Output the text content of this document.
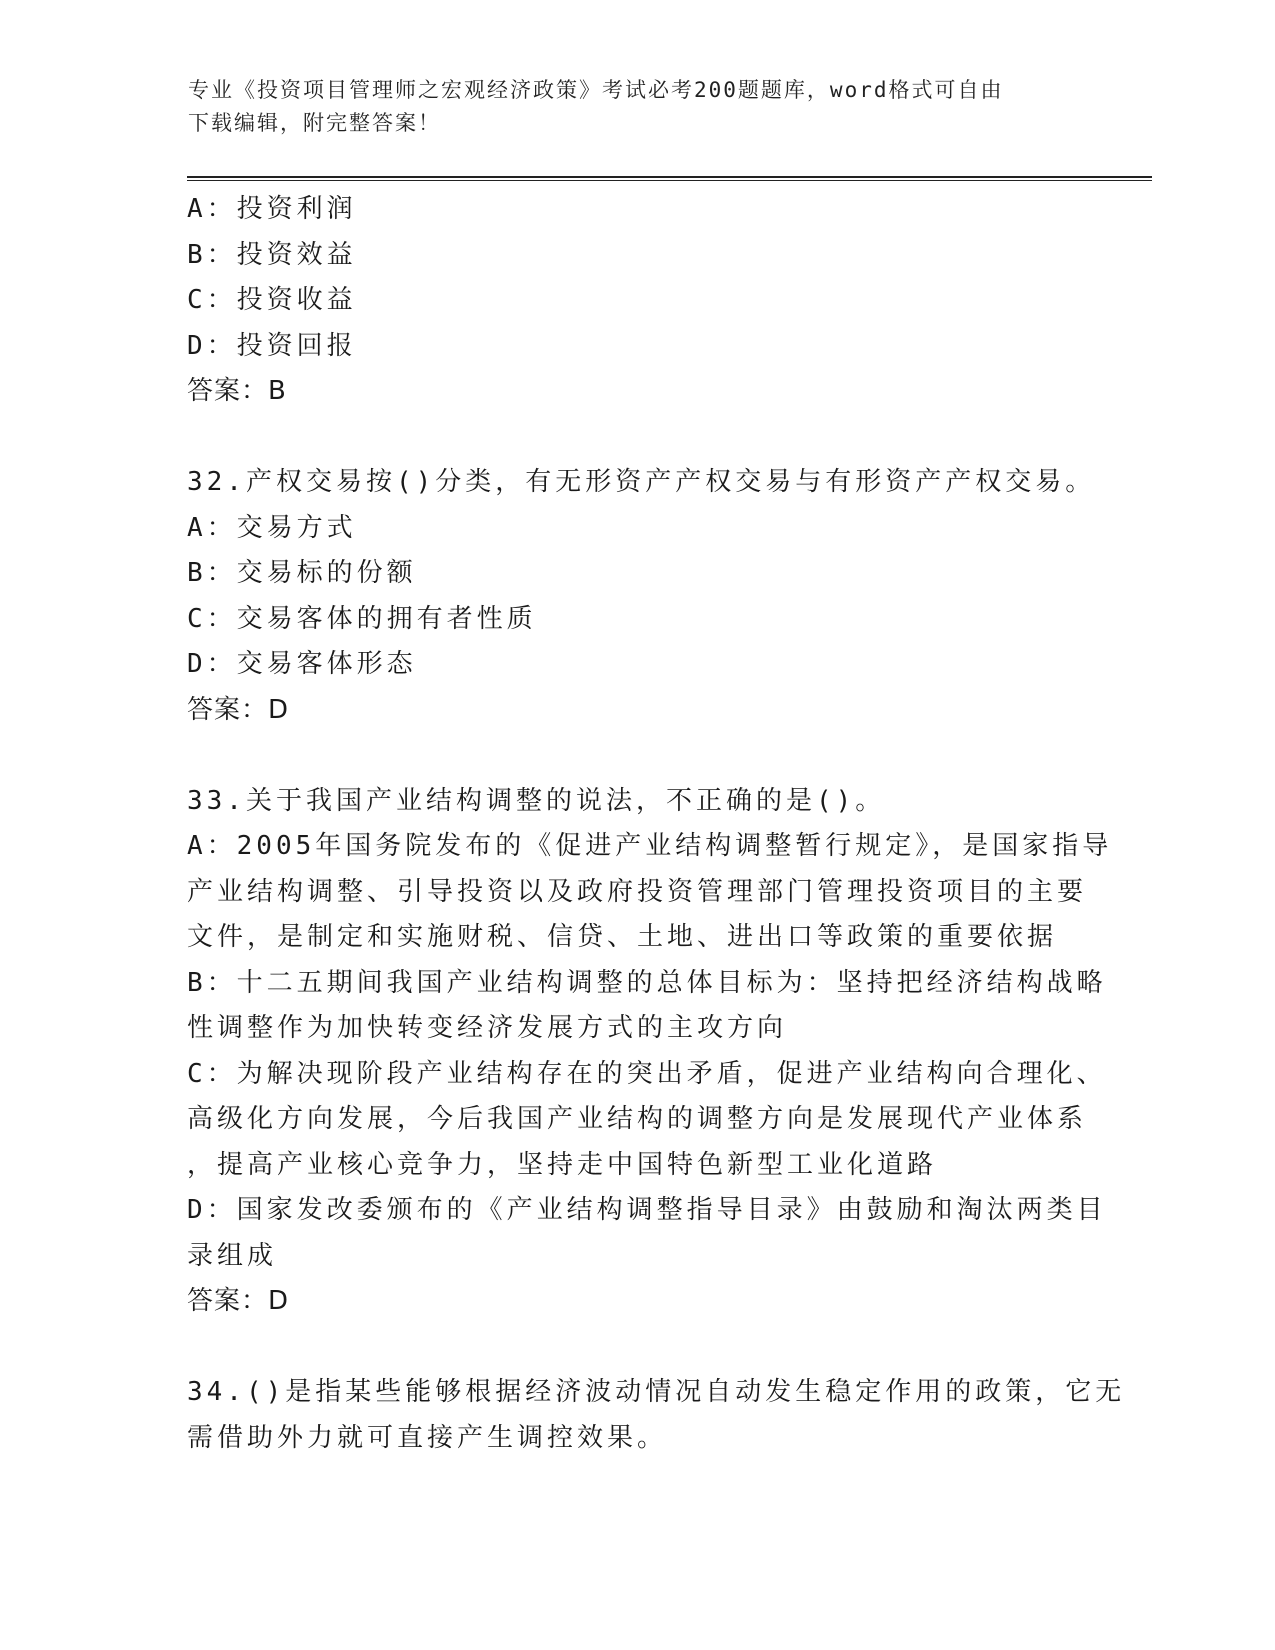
专业《投资项目管理师之宏观经济政策》考试必考200题题库，word格式可自由
下载编辑，附完整答案！
A：投资利润
B：投资效益
C：投资收益
D：投资回报
答案：B
32.产权交易按()分类，有无形资产产权交易与有形资产产权交易。
A：交易方式
B：交易标的份额
C：交易客体的拥有者性质
D：交易客体形态
答案：D
33.关于我国产业结构调整的说法，不正确的是()。
A：2005年国务院发布的《促进产业结构调整暂行规定》，是国家指导
产业结构调整、引导投资以及政府投资管理部门管理投资项目的主要
文件，是制定和实施财税、信贷、土地、进出口等政策的重要依据
B：十二五期间我国产业结构调整的总体目标为：坚持把经济结构战略
性调整作为加快转变经济发展方式的主攻方向
C：为解决现阶段产业结构存在的突出矛盾，促进产业结构向合理化、
高级化方向发展，今后我国产业结构的调整方向是发展现代产业体系
，提高产业核心竞争力，坚持走中国特色新型工业化道路
D：国家发改委颁布的《产业结构调整指导目录》由鼓励和淘汰两类目
录组成
答案：D
34.()是指某些能够根据经济波动情况自动发生稳定作用的政策，它无
需借助外力就可直接产生调控效果。
